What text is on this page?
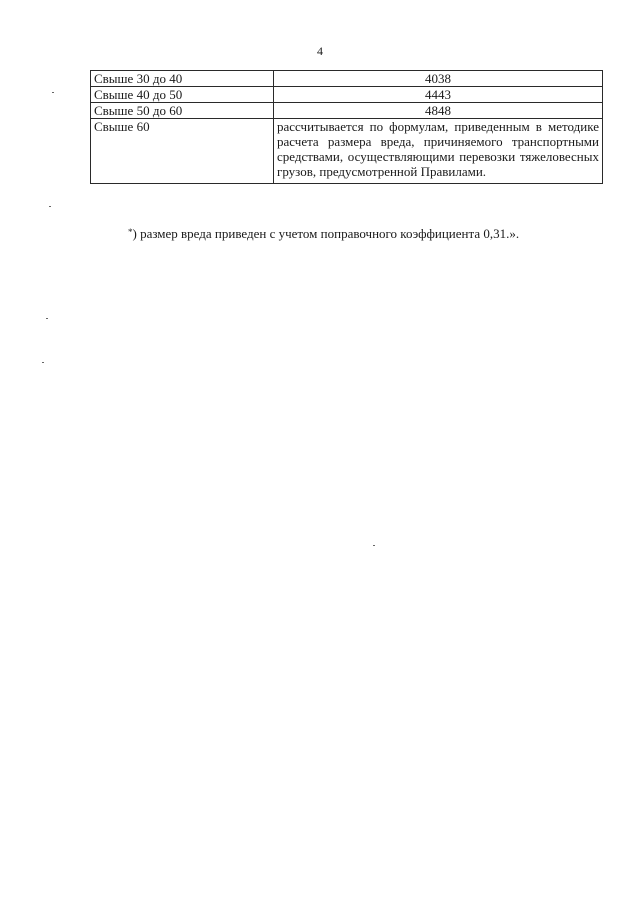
4
Свыше 30 до 40	4038
Свыше 40 до 50	4443
Свыше 50 до 60	4848
Свыше 60	рассчитывается по формулам, приведенным в методике расчета размера вреда, причиняемого транспортными средствами, осуществляющими перевозки тяжеловесных грузов, предусмотренной Правилами.
*) размер вреда приведен с учетом поправочного коэффициента 0,31.».
